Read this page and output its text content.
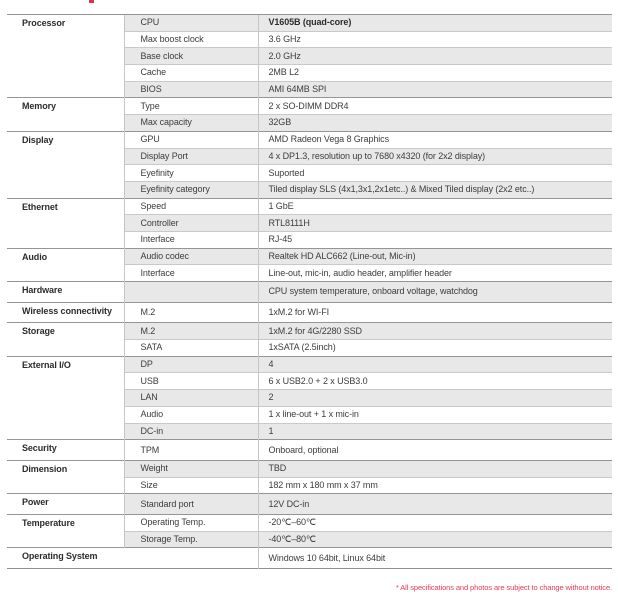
Processor	CPU	V1605B (quad-core)
	Max boost clock	3.6 GHz
	Base clock	2.0 GHz
	Cache	2MB L2
	BIOS	AMI 64MB SPI
Memory	Type	2 x SO-DIMM DDR4
	Max capacity	32GB
Display	GPU	AMD Radeon Vega 8 Graphics
	Display Port	4 x DP1.3, resolution up to 7680 x4320 (for 2x2 display)
	Eyefinity	Suported
	Eyefinity category	Tiled display SLS (4x1,3x1,2x1etc..) & Mixed Tiled display (2x2 etc..)
Ethernet	Speed	1 GbE
	Controller	RTL8111H
	Interface	RJ-45
Audio	Audio codec	Realtek HD ALC662 (Line-out, Mic-in)
	Interface	Line-out, mic-in, audio header, amplifier header
Hardware		CPU system temperature, onboard voltage, watchdog
Wireless connectivity	M.2	1xM.2 for WI-FI
Storage	M.2	1xM.2 for 4G/2280 SSD
	SATA	1xSATA (2.5inch)
External I/O	DP	4
	USB	6 x USB2.0 + 2 x USB3.0
	LAN	2
	Audio	1 x line-out + 1 x mic-in
	DC-in	1
Security	TPM	Onboard, optional
Dimension	Weight	TBD
	Size	182 mm x 180 mm x 37 mm
Power	Standard port	12V DC-in
Temperature	Operating Temp.	-20℃–60℃
	Storage Temp.	-40℃–80℃
Operating System		Windows 10 64bit, Linux 64bit
* All specifications and photos are subject to change without notice.
